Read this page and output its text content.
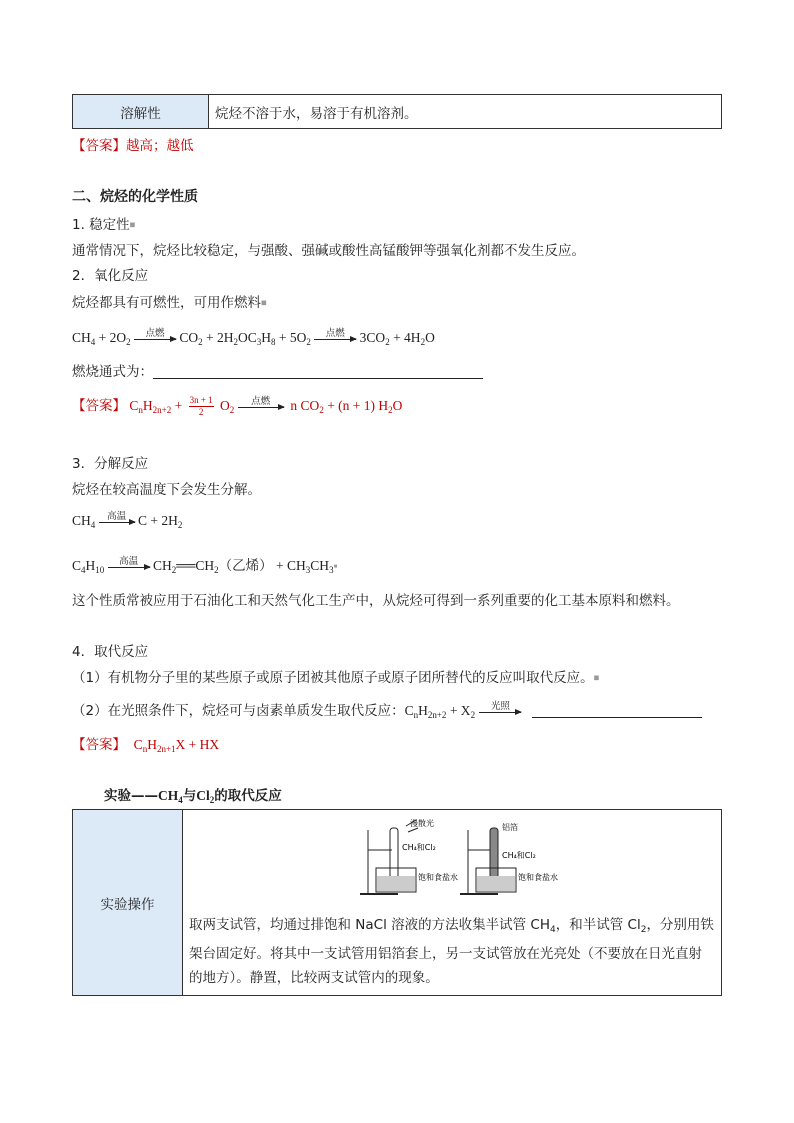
溶解性	烷烃不溶于水，易溶于有机溶剂。
【答案】越高；越低
二、烷烃的化学性质
1. 稳定性■
通常情况下，烷烃比较稳定，与强酸、强碱或酸性高锰酸钾等强氧化剂都不发生反应。
2．氧化反应
烷烃都具有可燃性，可用作燃料■
$CH_4 + 2O_2$
点燃 $CO_2 + 2H_2OC_3H_8 + 5O_2$
点燃 $3CO_2 + 4H_2O$
燃烧通式为：
【答案】 $C_nH_{2n+2} + \frac{3n + 1}{2} O_2$
点燃	n $CO_2 + (n + 1)$ $H_2O$
3．分解反应
烷烃在较高温度下会发生分解。
$CH_4$
高温 $C + 2H_2$
$C_4H_{10}$
高温 $CH_2══CH_2$（乙烯） + $CH_3CH_3■$
这个性质常被应用于石油化工和天然气化工生产中，从烷烃可得到一系列重要的化工基本原料和燃料。
4．取代反应
（1）有机物分子里的某些原子或原子团被其他原子或原子团所替代的反应叫取代反应。■
（2）在光照条件下，烷烃可与卤素单质发生取代反应：$C_nH_{2n+2} + X_2$
光照

【答案】  $C_nH_{2n+1}X$ + HX
实验$——CH_4$与$Cl_2$的取代反应
实验操作	
漫散光
CH₄和Cl₂
饱和食盐水
铝箔
CH₄和Cl₂
饱和食盐水
取两支试管，均通过排饱和 NaCl 溶液的方法收集半试管 $CH_4$，和半试管 $Cl_2$，分别用铁
架台固定好。将其中一支试管用铝箔套上，另一支试管放在光亮处（不要放在日光直射
的地方）。静置，比较两支试管内的现象。
